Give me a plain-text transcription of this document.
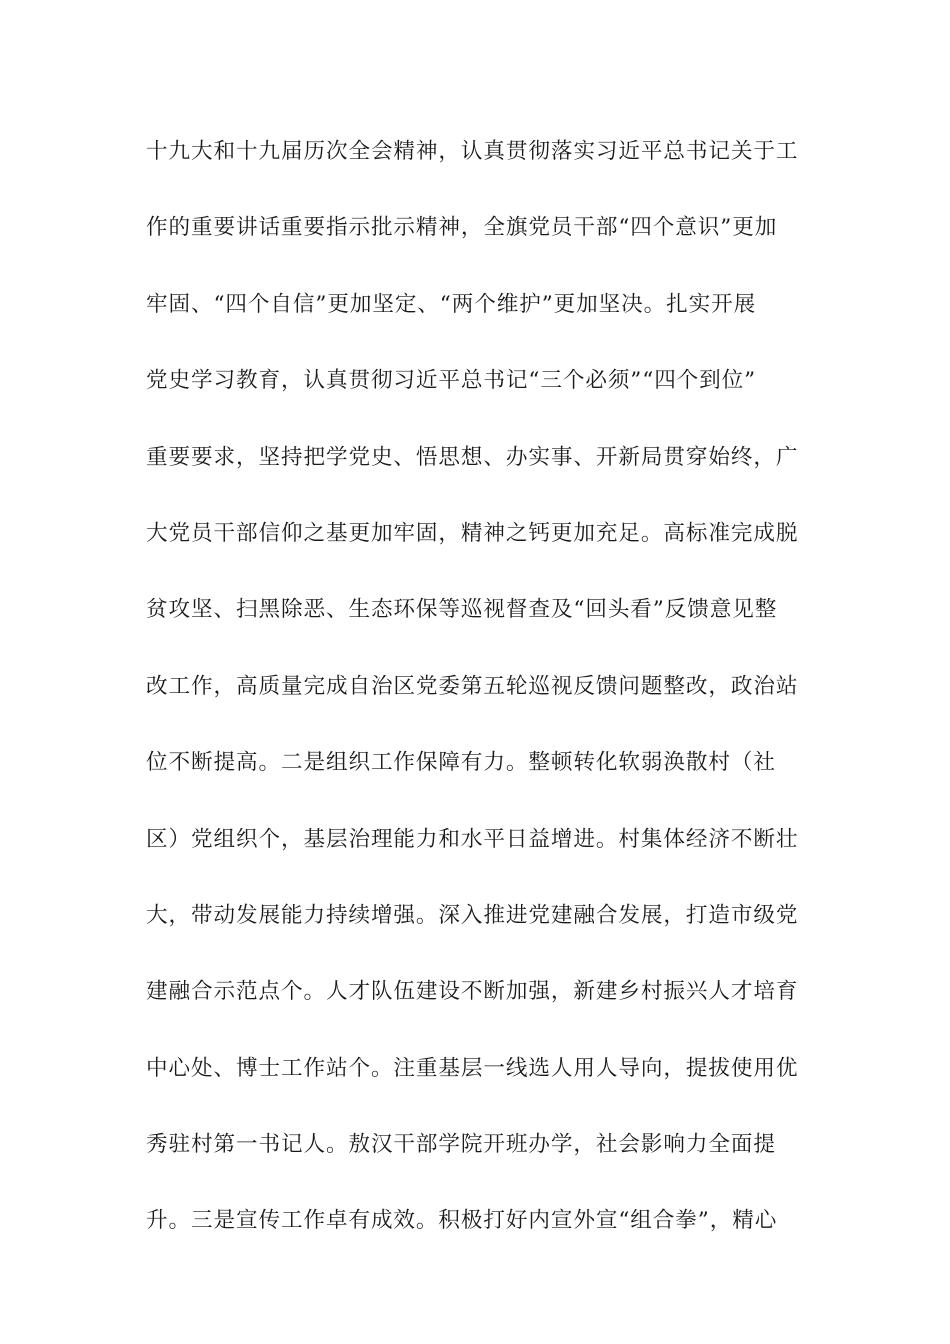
十九大和十九届历次全会精神，认真贯彻落实习近平总书记关于工
作的重要讲话重要指示批示精神，全旗党员干部“四个意识”更加
牢固、“四个自信”更加坚定、“两个维护”更加坚决。扎实开展
党史学习教育，认真贯彻习近平总书记“三个必须”“四个到位”
重要要求，坚持把学党史、悟思想、办实事、开新局贯穿始终，广
大党员干部信仰之基更加牢固，精神之钙更加充足。高标准完成脱
贫攻坚、扫黑除恶、生态环保等巡视督查及“回头看”反馈意见整
改工作，高质量完成自治区党委第五轮巡视反馈问题整改，政治站
位不断提高。二是组织工作保障有力。整顿转化软弱涣散村（社
区）党组织个，基层治理能力和水平日益增进。村集体经济不断壮
大，带动发展能力持续增强。深入推进党建融合发展，打造市级党
建融合示范点个。人才队伍建设不断加强，新建乡村振兴人才培育
中心处、博士工作站个。注重基层一线选人用人导向，提拔使用优
秀驻村第一书记人。敖汉干部学院开班办学，社会影响力全面提
升。三是宣传工作卓有成效。积极打好内宣外宣“组合拳”，精心
